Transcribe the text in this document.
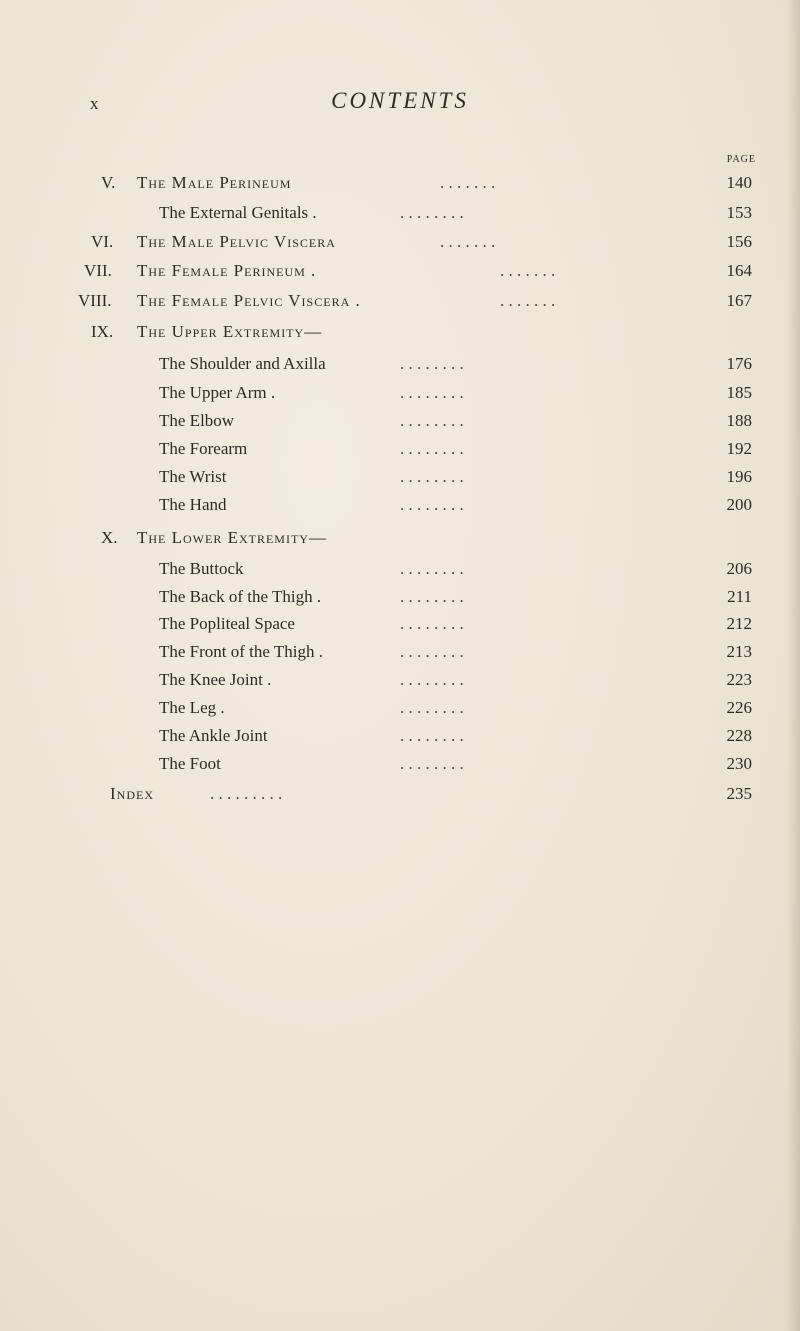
x	CONTENTS
PAGE
V.	The Male Perineum	. . . . . . .	140
The External Genitals .	. . . . . . . .	153
VI.	The Male Pelvic Viscera	. . . . . . .	156
VII.	The Female Perineum .	. . . . . . .	164
VIII.	The Female Pelvic Viscera .	. . . . . . .	167
IX.	The Upper Extremity—
The Shoulder and Axilla	. . . . . . . .	176
The Upper Arm .	. . . . . . . .	185
The Elbow	. . . . . . . .	188
The Forearm	. . . . . . . .	192
The Wrist	. . . . . . . .	196
The Hand	. . . . . . . .	200
X.	The Lower Extremity—
The Buttock	. . . . . . . .	206
The Back of the Thigh .	. . . . . . . .	211
The Popliteal Space	. . . . . . . .	212
The Front of the Thigh .	. . . . . . . .	213
The Knee Joint .	. . . . . . . .	223
The Leg .	. . . . . . . .	226
The Ankle Joint	. . . . . . . .	228
The Foot	. . . . . . . .	230
Index	. . . . . . . . .	235
